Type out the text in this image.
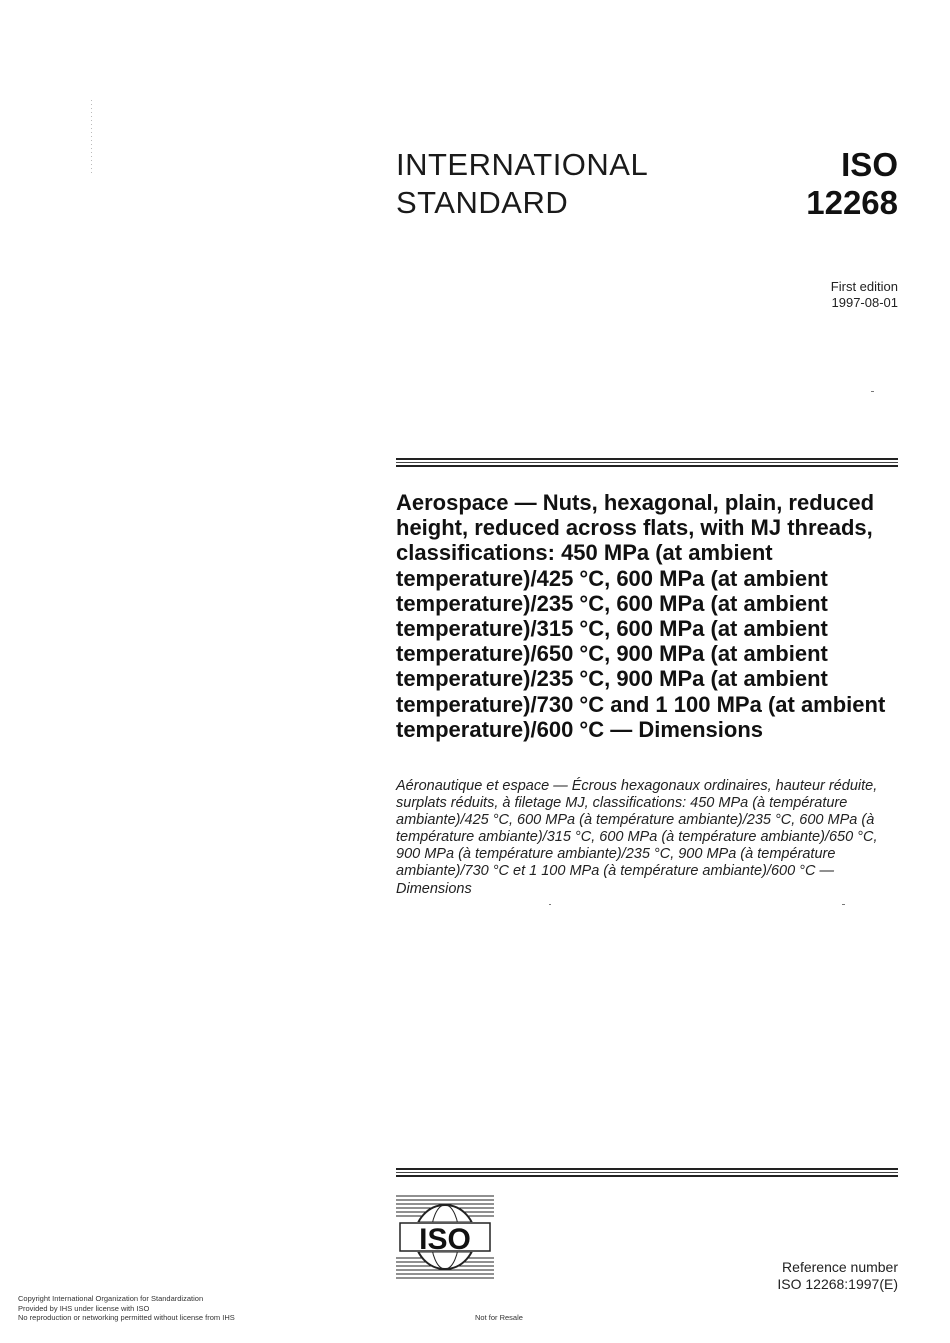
INTERNATIONAL
STANDARD
ISO
12268
First edition
1997-08-01
Aerospace — Nuts, hexagonal, plain, reduced height, reduced across flats, with MJ threads, classifications: 450 MPa (at ambient temperature)/425 °C, 600 MPa (at ambient temperature)/235 °C, 600 MPa (at ambient temperature)/315 °C, 600 MPa (at ambient temperature)/650 °C, 900 MPa (at ambient temperature)/235 °C, 900 MPa (at ambient temperature)/730 °C and 1 100 MPa (at ambient temperature)/600 °C — Dimensions
Aéronautique et espace — Écrous hexagonaux ordinaires, hauteur réduite, surplats réduits, à filetage MJ, classifications: 450 MPa (à température ambiante)/425 °C, 600 MPa (à température ambiante)/235 °C, 600 MPa (à température ambiante)/315 °C, 600 MPa (à température ambiante)/650 °C, 900 MPa (à température ambiante)/235 °C, 900 MPa (à température ambiante)/730 °C et 1 100 MPa (à température ambiante)/600 °C — Dimensions
ISO
Reference number
ISO 12268:1997(E)
Copyright International Organization for Standardization
Provided by IHS under license with ISO
No reproduction or networking permitted without license from IHS	Not for Resale
